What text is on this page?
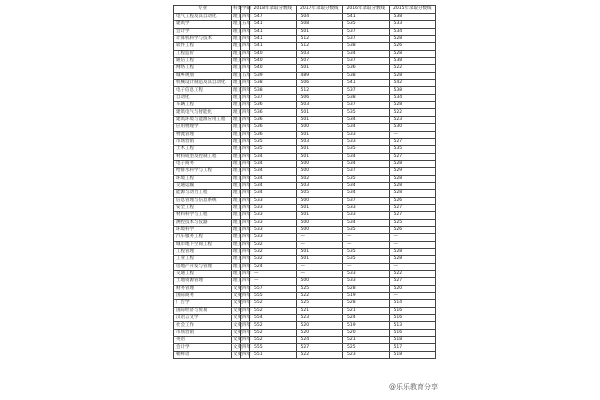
专业	科类	学制	2018年录取分数线	2017年录取分数线	2016年录取分数线	2015年录取分数线
电气工程及其自动化	理工	四年	547	504	541	538
建筑学	理工	五年	541	508	535	533
会计学	理工	四年	541	501	537	534
计算机科学与技术	理工	四年	541	512	537	528
软件工程	理工	四年	541	512	538	526
工程造价	理工	四年	540	503	534	528
通信工程	理工	四年	540	507	537	538
网络工程	理工	四年	540	501	536	522
城乡规划	理工	五年	539	489	538	528
机械设计制造及其自动化	理工	四年	538	506	541	542
电子信息工程	理工	四年	538	512	537	538
自动化	理工	四年	537	506	538	534
车辆工程	理工	四年	536	503	537	528
建筑电气与智能化	理工	四年	536	501	535	522
建筑环境与能源应用工程	理工	四年	536	501	534	523
应用物理学	理工	四年	536	500	534	530
物流管理	理工	四年	536	501	533	—
市场营销	理工	四年	535	503	533	527
土木工程	理工	四年	535	501	535	535
材料成型及控制工程	理工	四年	534	501	534	527
电子商务	理工	四年	534	500	534	528
给排水科学与工程	理工	四年	534	500	537	529
环境工程	理工	四年	534	502	535	528
交通运输	理工	四年	534	503	534	528
能源与动力工程	理工	四年	534	505	534	528
信息管理与信息系统	理工	四年	533	500	537	526
安全工程	理工	四年	533	501	533	527
材料科学与工程	理工	四年	533	501	533	527
测控技术与仪器	理工	四年	533	500	534	525
环境科学	理工	四年	533	500	535	526
汽车服务工程	理工	四年	533	—	—	—
城市地下空间工程	理工	四年	532	—	—	—
工程管理	理工	四年	532	501	535	528
工业工程	理工	四年	532	501	535	528
房地产开发与管理	理工	四年	524	—	—	—
交通工程	理工	四年	—	—	533	522
土地资源管理	理工	四年	—	500	533	527
财务管理	文史	四年	557	525	528	520
国际商务	文史	四年	555	522	519	—
广告学	文史	四年	552	525	528	514
国际经济与贸易	文史	四年	552	521	521	516
汉语言文学	文史	四年	554	523	524	516
社会工作	文史	四年	552	520	519	513
市场营销	文史	四年	552	520	520	516
英语	文史	四年	552	524	521	518
会计学	文史	四年	555	527	525	517
朝鲜语	文史	四年	551	522	523	518
@乐乐教育分享
